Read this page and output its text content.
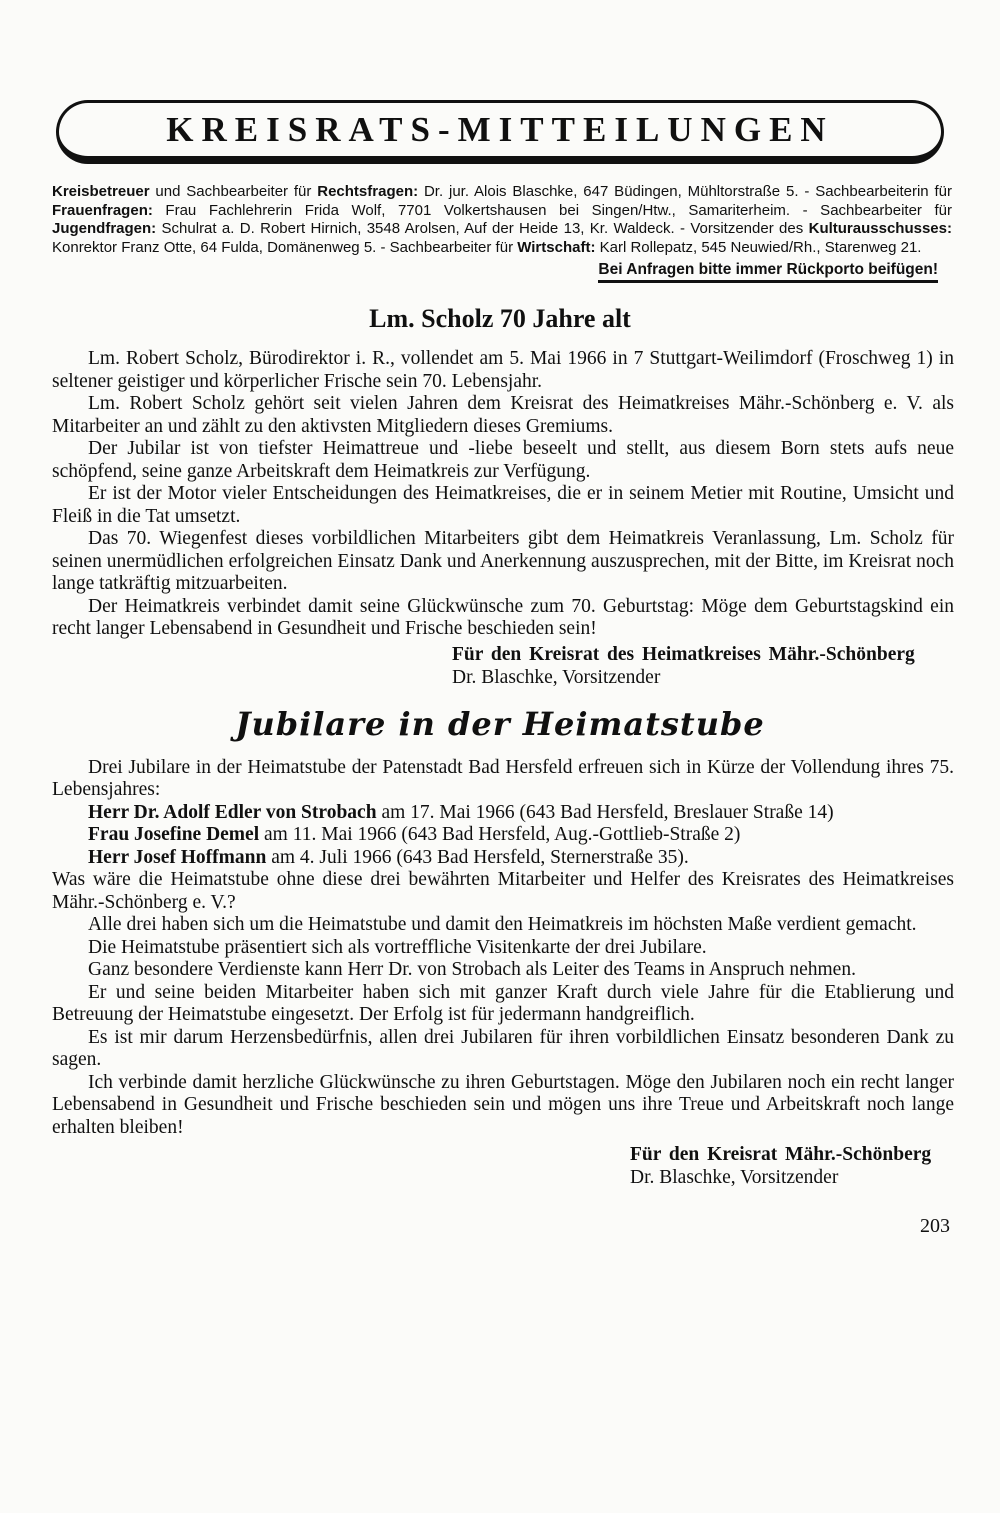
KREISRATS-MITTEILUNGEN

Kreisbetreuer und Sachbearbeiter für Rechtsfragen: Dr. jur. Alois Blaschke, 647 Büdingen, Mühltorstraße 5. - Sachbearbeiterin für Frauenfragen: Frau Fachlehrerin Frida Wolf, 7701 Volkertshausen bei Singen/Htw., Samariterheim. - Sachbearbeiter für Jugendfragen: Schulrat a. D. Robert Hirnich, 3548 Arolsen, Auf der Heide 13, Kr. Waldeck. - Vorsitzender des Kulturausschusses: Konrektor Franz Otte, 64 Fulda, Domänenweg 5. - Sachbearbeiter für Wirtschaft: Karl Rollepatz, 545 Neuwied/Rh., Starenweg 21.

Bei Anfragen bitte immer Rückporto beifügen!
Lm. Scholz 70 Jahre alt

Lm. Robert Scholz, Bürodirektor i. R., vollendet am 5. Mai 1966 in 7 Stuttgart-Weilimdorf (Froschweg 1) in seltener geistiger und körperlicher Frische sein 70. Lebensjahr.

Lm. Robert Scholz gehört seit vielen Jahren dem Kreisrat des Heimatkreises Mähr.-Schönberg e. V. als Mitarbeiter an und zählt zu den aktivsten Mitgliedern dieses Gremiums.

Der Jubilar ist von tiefster Heimattreue und -liebe beseelt und stellt, aus diesem Born stets aufs neue schöpfend, seine ganze Arbeitskraft dem Heimatkreis zur Verfügung.

Er ist der Motor vieler Entscheidungen des Heimatkreises, die er in seinem Metier mit Routine, Umsicht und Fleiß in die Tat umsetzt.

Das 70. Wiegenfest dieses vorbildlichen Mitarbeiters gibt dem Heimatkreis Veranlassung, Lm. Scholz für seinen unermüdlichen erfolgreichen Einsatz Dank und Anerkennung auszusprechen, mit der Bitte, im Kreisrat noch lange tatkräftig mitzuarbeiten.

Der Heimatkreis verbindet damit seine Glückwünsche zum 70. Geburtstag: Möge dem Geburtstagskind ein recht langer Lebensabend in Gesundheit und Frische beschieden sein!

Für den Kreisrat des Heimatkreises Mähr.-Schönberg
Dr. Blaschke, Vorsitzender
Jubilare in der Heimatstube

Drei Jubilare in der Heimatstube der Patenstadt Bad Hersfeld erfreuen sich in Kürze der Vollendung ihres 75. Lebensjahres:

Herr Dr. Adolf Edler von Strobach am 17. Mai 1966 (643 Bad Hersfeld, Breslauer Straße 14)

Frau Josefine Demel am 11. Mai 1966 (643 Bad Hersfeld, Aug.-Gottlieb-Straße 2)

Herr Josef Hoffmann am 4. Juli 1966 (643 Bad Hersfeld, Sternerstraße 35).

Was wäre die Heimatstube ohne diese drei bewährten Mitarbeiter und Helfer des Kreisrates des Heimatkreises Mähr.-Schönberg e. V.?

Alle drei haben sich um die Heimatstube und damit den Heimatkreis im höchsten Maße verdient gemacht.

Die Heimatstube präsentiert sich als vortreffliche Visitenkarte der drei Jubilare.

Ganz besondere Verdienste kann Herr Dr. von Strobach als Leiter des Teams in Anspruch nehmen.

Er und seine beiden Mitarbeiter haben sich mit ganzer Kraft durch viele Jahre für die Etablierung und Betreuung der Heimatstube eingesetzt. Der Erfolg ist für jedermann handgreiflich.

Es ist mir darum Herzensbedürfnis, allen drei Jubilaren für ihren vorbildlichen Einsatz besonderen Dank zu sagen.

Ich verbinde damit herzliche Glückwünsche zu ihren Geburtstagen. Möge den Jubilaren noch ein recht langer Lebensabend in Gesundheit und Frische beschieden sein und mögen uns ihre Treue und Arbeitskraft noch lange erhalten bleiben!

Für den Kreisrat Mähr.-Schönberg
Dr. Blaschke, Vorsitzender
203
